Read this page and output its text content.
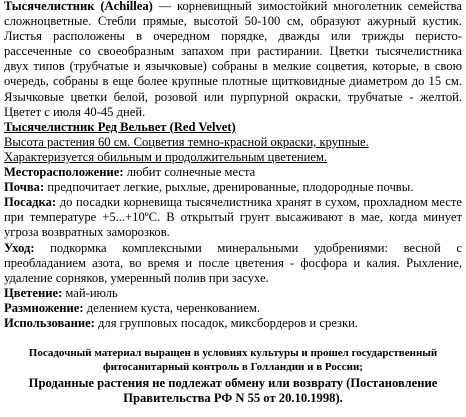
Тысячелистник (Achillea) — корневищный зимостойкий многолетник семейства сложноцветные. Стебли прямые, высотой 50-100 см, образуют ажурный кустик. Листья расположены в очередном порядке, дважды или трижды перисто-рассеченные со своеобразным запахом при растирании. Цветки тысячелистника двух типов (трубчатые и язычковые) собраны в мелкие соцветия, которые, в свою очередь, собраны в еще более крупные плотные щитковидные диаметром до 15 см. Язычковые цветки белой, розовой или пурпурной окраски, трубчатые - желтой. Цветет с июля 40-45 дней.

Тысячелистник Ред Вельвет (Red Velvet)

Высота растения 60 см. Соцветия темно-красной окраски, крупные.

Характеризуется обильным и продолжительным цветением.

Месторасположение: любит солнечные места

Почва: предпочитает легкие, рыхлые, дренированные, плодородные почвы.

Посадка: до посадки корневища тысячелистника хранят в сухом, прохладном месте при температуре +5...+10ºС. В открытый грунт высаживают в мае, когда минует угроза возвратных заморозков.

Уход: подкормка комплексными минеральными удобрениями: весной с преобладанием азота, во время и после цветения - фосфора и калия. Рыхление, удаление сорняков, умеренный полив при засухе.

Цветение: май-июль

Размножение: делением куста, черенкованием.

Использование: для групповых посадок, миксбордеров и срезки.

Посадочный материал выращен в условиях культуры и прошел государственный фитосанитарный контроль в Голландии и в России;

Проданные растения не подлежат обмену или возврату (Постановление Правительства РФ N 55 от 20.10.1998).
